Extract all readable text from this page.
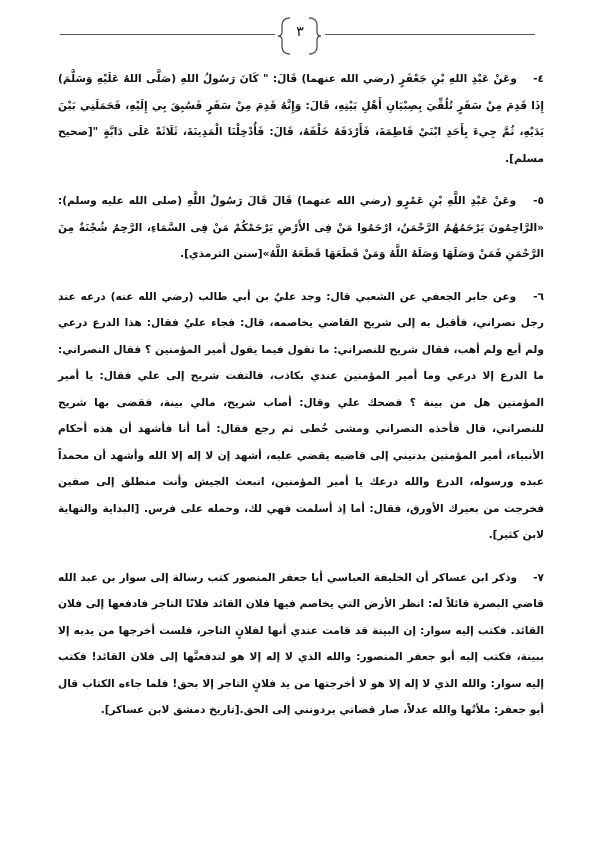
٣

٤- وعَنْ عَبْدِ اللهِ بْنِ جَعْفَرٍ (رضي الله عنهما) قَالَ: " كَانَ رَسُولُ اللهِ (صَلَّى اللهُ عَلَيْهِ وَسَلَّمَ) إِذَا قَدِمَ مِنْ سَفَرٍ تُلُقِّيَ بِصِبْيَانِ أَهْلِ بَيْتِهِ، قَالَ: وَإِنَّهُ قَدِمَ مِنْ سَفَرٍ فَسُبِقَ بِي إِلَيْهِ، فَحَمَلَنِي بَيْنَ يَدَيْهِ، ثُمَّ جِيءَ بِأَحَدِ ابْنَيْ فَاطِمَةَ، فَأَرْدَفَهُ خَلْفَهُ، قَالَ: فَأُدْخِلْنَا الْمَدِينَةَ، ثَلَاثَةً عَلَى دَابَّةٍ "[صحيح مسلم].

٥- وعَنْ عَبْدِ اللَّهِ بْنِ عَمْرٍو (رضي الله عنهما) قَالَ قَالَ رَسُولُ اللَّهِ (صلى الله عليه وسلم): «الرَّاحِمُونَ يَرْحَمُهُمُ الرَّحْمَنُ، ارْحَمُوا مَنْ فِى الأَرْضِ يَرْحَمْكُمْ مَنْ فِى السَّمَاءِ، الرَّحِمُ شُجْنَةٌ مِنَ الرَّحْمَنِ فَمَنْ وَصَلَهَا وَصَلَهُ اللَّهُ وَمَنْ قَطَعَهَا قَطَعَهُ اللَّهُ»[سنن الترمذي].

٦- وعن جابر الجعفي عن الشعبي قال: وجد عليٌ بن أبي طالب (رضي الله عنه) درعه عند رجل نصراني، فأقبل به إلى شريح القاضي يخاصمه، قال: فجاء عليٌ فقال: هذا الدرع درعي ولم أبع ولم أهب، فقال شريح للنصراني: ما تقول فيما يقول أمير المؤمنين ؟ فقال النصراني: ما الدرع إلا درعي وما أمير المؤمنين عندي بكاذب، فالتفت شريح إلى علي فقال: يا أمير المؤمنين هل من بينة ؟ فضحك علي وقال: أصاب شريح، مالي بينة، فقضى بها شريح للنصراني، قال فأخذه النصراني ومشى خُطى ثم رجع فقال: أما أنا فأشهد أن هذه أحكام الأنبياء، أمير المؤمنين يدنيني إلى قاضيه يقضي عليه، أشهد إن لا إله إلا الله وأشهد أن محمداً عبده ورسوله، الدرع والله درعك يا أمير المؤمنين، انبعث الجيش وأنت منطلق إلى صفين فخرجت من بعيرك الأورق، فقال: أما إذ أسلمت فهي لك، وحمله على فرس. [البداية والنهاية لابن كثير].

٧- وذكر ابن عساكر أن الخليفة العباسي أبا جعفر المنصور كتب رسالة إلى سوار بن عبد الله قاضي البصرة قائلاً له: انظر الأرض التي يخاصم فيها فلان القائد فلانًا التاجر فادفعها إلى فلان القائد. فكتب إليه سوار: إن البينة قد قامت عندي أنها لفلانٍ التاجر، فلست أخرجها من يديه إلا ببينة، فكتب إليه أبو جعفر المنصور: والله الذي لا إله إلا هو لتدفعنَّها إلى فلان القائد! فكتب إليه سوار: والله الذي لا إله إلا هو لا أخرجتها من يد فلانٍ التاجر إلا بحق! فلما جاءه الكتاب قال أبو جعفر: ملأتُها والله عدلاً، صار قضاتي يردونني إلى الحق.[تاريخ دمشق لابن عساكر].
